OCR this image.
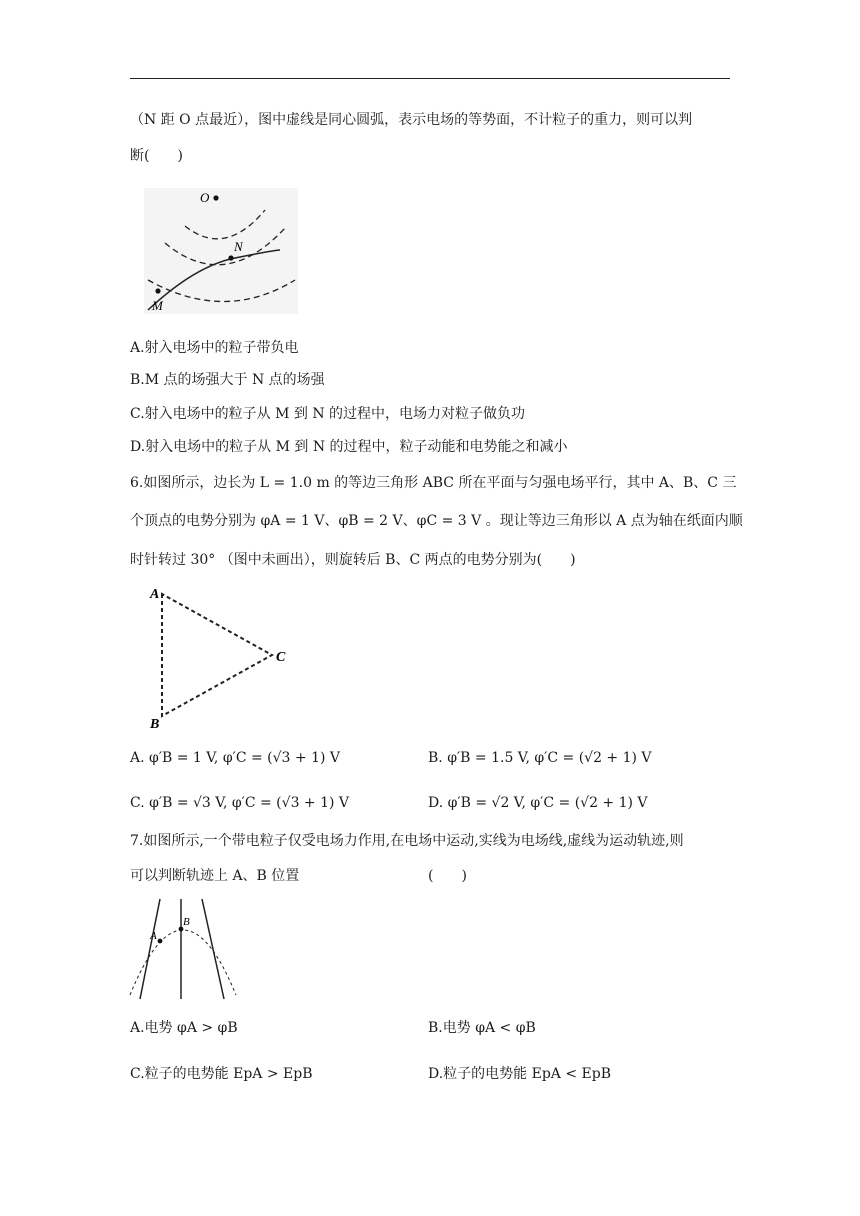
（N 距 O 点最近），图中虚线是同心圆弧，表示电场的等势面，不计粒子的重力，则可以判
断(　　)
O
N
M
A.射入电场中的粒子带负电
B.M 点的场强大于 N 点的场强
C.射入电场中的粒子从 M 到 N 的过程中，电场力对粒子做负功
D.射入电场中的粒子从 M 到 N 的过程中，粒子动能和电势能之和减小
6.如图所示，边长为 L = 1.0 m 的等边三角形 ABC 所在平面与匀强电场平行，其中 A、B、C 三
个顶点的电势分别为 φA = 1 V、φB = 2 V、φC = 3 V 。现让等边三角形以 A 点为轴在纸面内顺
时针转过 30° （图中未画出），则旋转后 B、C 两点的电势分别为(　　)
A
B
C
A. φ′B = 1 V, φ′C = (√3 + 1) V	B. φ′B = 1.5 V, φ′C = (√2 + 1) V
C. φ′B = √3 V, φ′C = (√3 + 1) V	D. φ′B = √2 V, φ′C = (√2 + 1) V
7.如图所示,一个带电粒子仅受电场力作用,在电场中运动,实线为电场线,虚线为运动轨迹,则
可以判断轨迹上 A、B 位置	(　　)
A
B
A.电势 φA > φB	B.电势 φA < φB
C.粒子的电势能 EpA > EpB	D.粒子的电势能 EpA < EpB
